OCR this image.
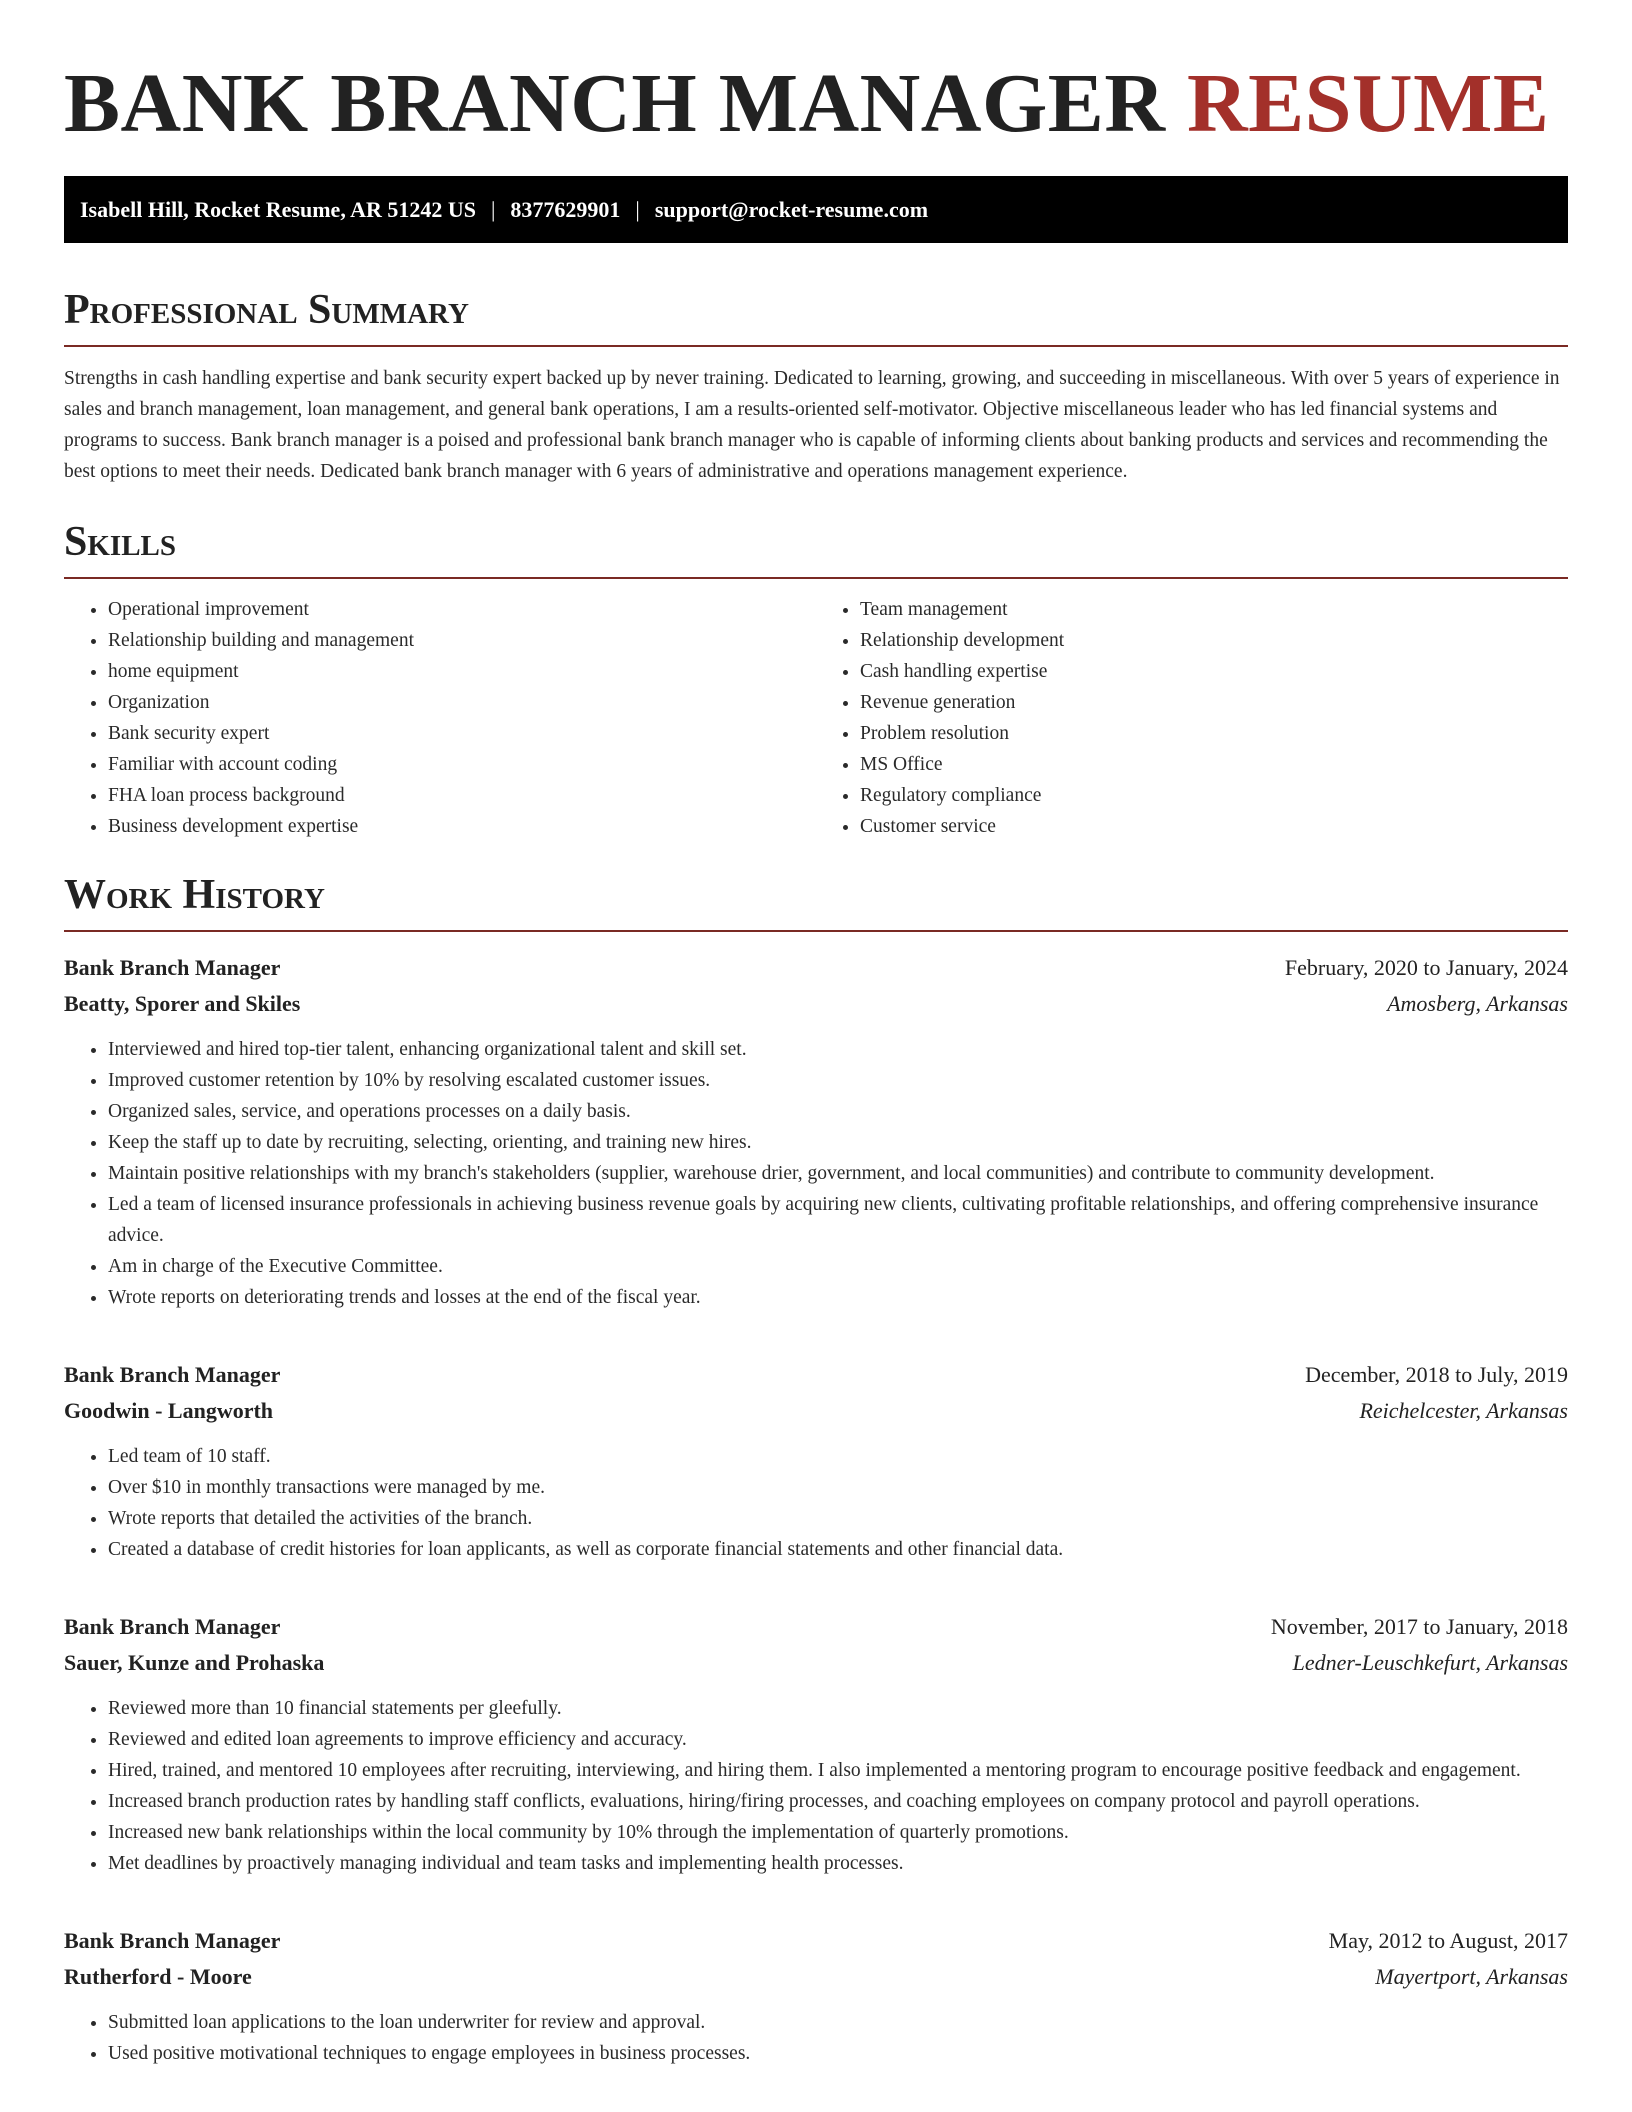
BANK BRANCH MANAGER RESUME
Isabell Hill, Rocket Resume, AR 51242 US | 8377629901 | support@rocket-resume.com
Professional Summary

Strengths in cash handling expertise and bank security expert backed up by never training. Dedicated to learning, growing, and succeeding in miscellaneous. With over 5 years of experience in sales and branch management, loan management, and general bank operations, I am a results-oriented self-motivator. Objective miscellaneous leader who has led financial systems and programs to success. Bank branch manager is a poised and professional bank branch manager who is capable of informing clients about banking products and services and recommending the best options to meet their needs. Dedicated bank branch manager with 6 years of administrative and operations management experience.

Skills
• Operational improvement
• Relationship building and management
• home equipment
• Organization
• Bank security expert
• Familiar with account coding
• FHA loan process background
• Business development expertise
• Team management
• Relationship development
• Cash handling expertise
• Revenue generation
• Problem resolution
• MS Office
• Regulatory compliance
• Customer service
Work History
Bank Branch Manager	February, 2020 to January, 2024
Beatty, Sporer and Skiles	Amosberg, Arkansas
• Interviewed and hired top-tier talent, enhancing organizational talent and skill set.
• Improved customer retention by 10% by resolving escalated customer issues.
• Organized sales, service, and operations processes on a daily basis.
• Keep the staff up to date by recruiting, selecting, orienting, and training new hires.
• Maintain positive relationships with my branch's stakeholders (supplier, warehouse drier, government, and local communities) and contribute to community development.
• Led a team of licensed insurance professionals in achieving business revenue goals by acquiring new clients, cultivating profitable relationships, and offering comprehensive insurance advice.
• Am in charge of the Executive Committee.
• Wrote reports on deteriorating trends and losses at the end of the fiscal year.
Bank Branch Manager	December, 2018 to July, 2019
Goodwin - Langworth	Reichelcester, Arkansas
• Led team of 10 staff.
• Over $10 in monthly transactions were managed by me.
• Wrote reports that detailed the activities of the branch.
• Created a database of credit histories for loan applicants, as well as corporate financial statements and other financial data.
Bank Branch Manager	November, 2017 to January, 2018
Sauer, Kunze and Prohaska	Ledner-Leuschkefurt, Arkansas
• Reviewed more than 10 financial statements per gleefully.
• Reviewed and edited loan agreements to improve efficiency and accuracy.
• Hired, trained, and mentored 10 employees after recruiting, interviewing, and hiring them. I also implemented a mentoring program to encourage positive feedback and engagement.
• Increased branch production rates by handling staff conflicts, evaluations, hiring/firing processes, and coaching employees on company protocol and payroll operations.
• Increased new bank relationships within the local community by 10% through the implementation of quarterly promotions.
• Met deadlines by proactively managing individual and team tasks and implementing health processes.
Bank Branch Manager	May, 2012 to August, 2017
Rutherford - Moore	Mayertport, Arkansas
• Submitted loan applications to the loan underwriter for review and approval.
• Used positive motivational techniques to engage employees in business processes.
